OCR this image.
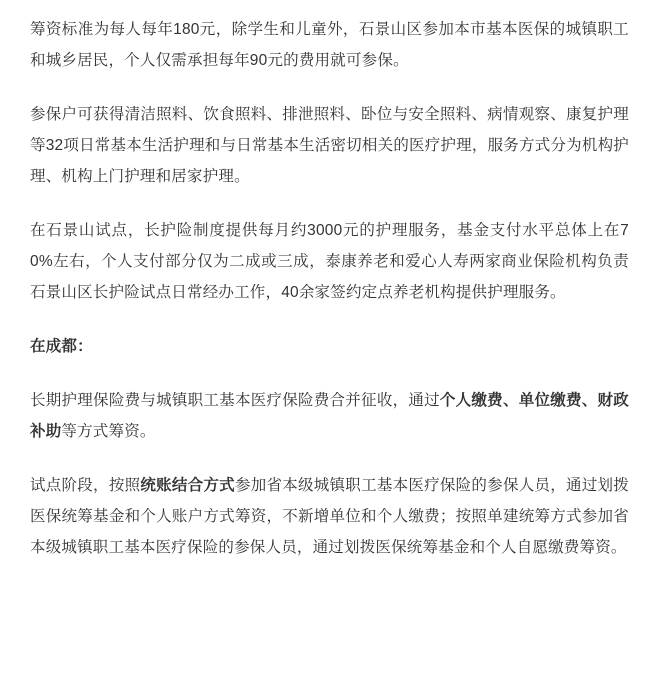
筹资标准为每人每年180元，除学生和儿童外，石景山区参加本市基本医保的城镇职工和城乡居民，个人仅需承担每年90元的费用就可参保。

参保户可获得清洁照料、饮食照料、排泄照料、卧位与安全照料、病情观察、康复护理等32项日常基本生活护理和与日常基本生活密切相关的医疗护理，服务方式分为机构护理、机构上门护理和居家护理。

在石景山试点，长护险制度提供每月约3000元的护理服务，基金支付水平总体上在70%左右，个人支付部分仅为二成或三成，泰康养老和爱心人寿两家商业保险机构负责石景山区长护险试点日常经办工作，40余家签约定点养老机构提供护理服务。

在成都：

长期护理保险费与城镇职工基本医疗保险费合并征收，通过个人缴费、单位缴费、财政补助等方式筹资。

试点阶段，按照统账结合方式参加省本级城镇职工基本医疗保险的参保人员，通过划拨医保统筹基金和个人账户方式筹资，不新增单位和个人缴费；按照单建统筹方式参加省本级城镇职工基本医疗保险的参保人员，通过划拨医保统筹基金和个人自愿缴费筹资。
